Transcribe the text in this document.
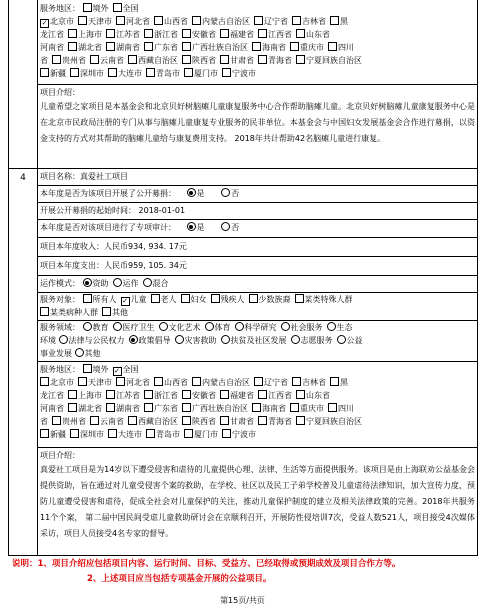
服务地区： 境外 全国
✓ 北京市 天津市 河北省 山西省 内蒙古自治区 辽宁省 吉林省 黑
龙江省 上海市 江苏省 浙江省 安徽省 福建省 江西省 山东省
河南省 湖北省 湖南省 广东省 广西壮族自治区 海南省 重庆市 四川
省 贵州省 云南省 西藏自治区 陕西省 甘肃省 青海省 宁夏回族自治区
新疆 深圳市 大连市 青岛市 厦门市 宁波市
项目介绍：
儿童希望之家项目是本基金会和北京贝好树脑瘫儿童康复服务中心合作帮助脑瘫儿童。北京贝好树脑瘫儿童康复服务中心是在北京市民政局注册的专门从事与脑瘫儿童康复专业服务的民非单位。本基金会与中国妇女发展基金会合作进行募捐，以资金支持的方式对其帮助的脑瘫儿童给与康复费用支持。 2018年共计帮助42名脑瘫儿童进行康复。
4	项目名称：真爱社工项目
本年度是否为该项目开展了公开募捐：	是	否
开展公开募捐的起始时间： 2018-01-01
本年度是否对该项目进行了专项审计：	是	否
项目本年度收入：人民币934, 934. 17元
项目本年度支出：人民币959, 105. 34元
运作模式： 资助 运作 混合
服务对象： 所有人 ✓ 儿童 老人 妇女 残疾人 少数族裔 某类特殊人群
某类病种人群 其他
服务领域： 教育 医疗卫生 文化艺术 体育 科学研究 社会服务 生态
环境 法律与公民权力 政策倡导 灾害救助 扶贫及社区发展 志愿服务 公益
事业发展 其他
服务地区： 境外 ✓ 全国
北京市 天津市 河北省 山西省 内蒙古自治区 辽宁省 吉林省 黑
龙江省 上海市 江苏省 浙江省 安徽省 福建省 江西省 山东省
河南省 湖北省 湖南省 广东省 广西壮族自治区 海南省 重庆市 四川
省 贵州省 云南省 西藏自治区 陕西省 甘肃省 青海省 宁夏回族自治区
新疆 深圳市 大连市 青岛市 厦门市 宁波市
项目介绍：
真爱社工项目是为14岁以下遭受侵害和虐待的儿童提供心理、法律、生活等方面提供服务。该项目是由上海联劝公益基金会提供资助，旨在通过对儿童受侵害个案的救助，在学校、社区以及民工子弟学校普及儿童虐待法律知识，加大宣传力度，预防儿童遭受侵害和虐待，促成全社会对儿童保护的关注，推动儿童保护制度的建立及相关法律政策的完善。2018年共服务11个个案， 第二届中国民间受虐儿童救助研讨会在京顺利召开，开展防性侵培训7次，受益人数521人，项目接受4次媒体采访，项目人员接受4名专家的督导。
说明：1、项目介绍应包括项目内容、运行时间、目标、受益方、已经取得或预期成效及项目合作方等。
2、上述项目应当包括专项基金开展的公益项目。
第15页/共页
